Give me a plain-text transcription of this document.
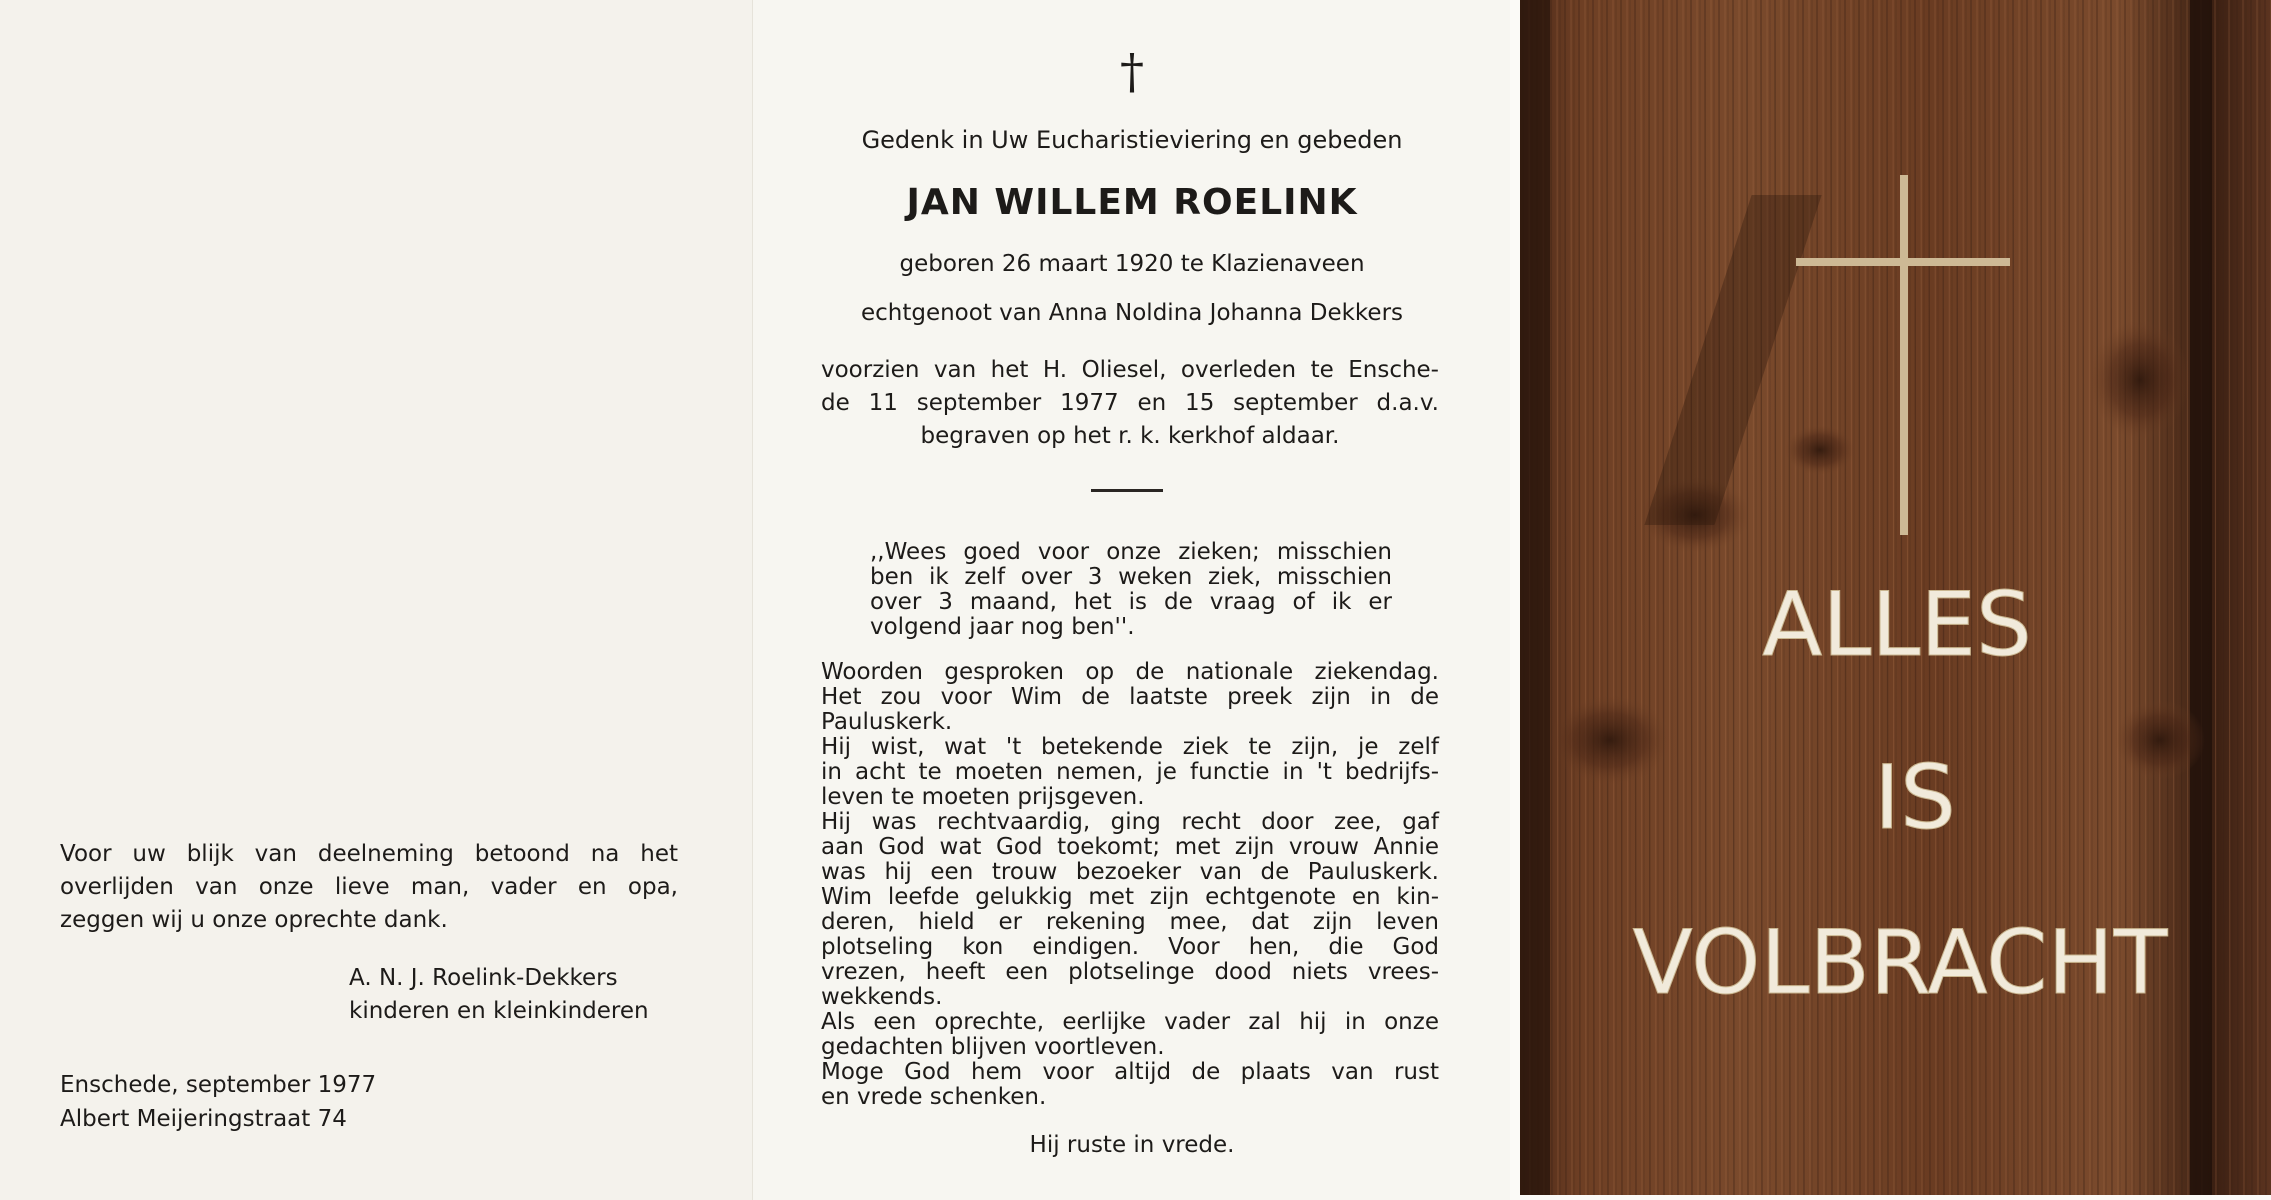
Voor uw blijk van deelneming betoond na het
overlijden van onze lieve man, vader en opa,
zeggen wij u onze oprechte dank.
A. N. J. Roelink-Dekkers
kinderen en kleinkinderen
Enschede, september 1977
Albert Meijeringstraat 74
†
Gedenk in Uw Eucharistieviering en gebeden
JAN WILLEM ROELINK
geboren 26 maart 1920 te Klazienaveen
echtgenoot van Anna Noldina Johanna Dekkers
voorzien van het H. Oliesel, overleden te Ensche-
de 11 september 1977 en 15 september d.a.v.
begraven op het r. k. kerkhof aldaar.
,,Wees goed voor onze zieken; misschien
ben ik zelf over 3 weken ziek, misschien
over 3 maand, het is de vraag of ik er
volgend jaar nog ben''.
Woorden gesproken op de nationale ziekendag.
Het zou voor Wim de laatste preek zijn in de
Pauluskerk.
Hij wist, wat 't betekende ziek te zijn, je zelf
in acht te moeten nemen, je functie in 't bedrijfs-
leven te moeten prijsgeven.
Hij was rechtvaardig, ging recht door zee, gaf
aan God wat God toekomt; met zijn vrouw Annie
was hij een trouw bezoeker van de Pauluskerk.
Wim leefde gelukkig met zijn echtgenote en kin-
deren, hield er rekening mee, dat zijn leven
plotseling kon eindigen. Voor hen, die God
vrezen, heeft een plotselinge dood niets vrees-
wekkends.
Als een oprechte, eerlijke vader zal hij in onze
gedachten blijven voortleven.
Moge God hem voor altijd de plaats van rust
en vrede schenken.
Hij ruste in vrede.
ALLES
IS
VOLBRACHT
